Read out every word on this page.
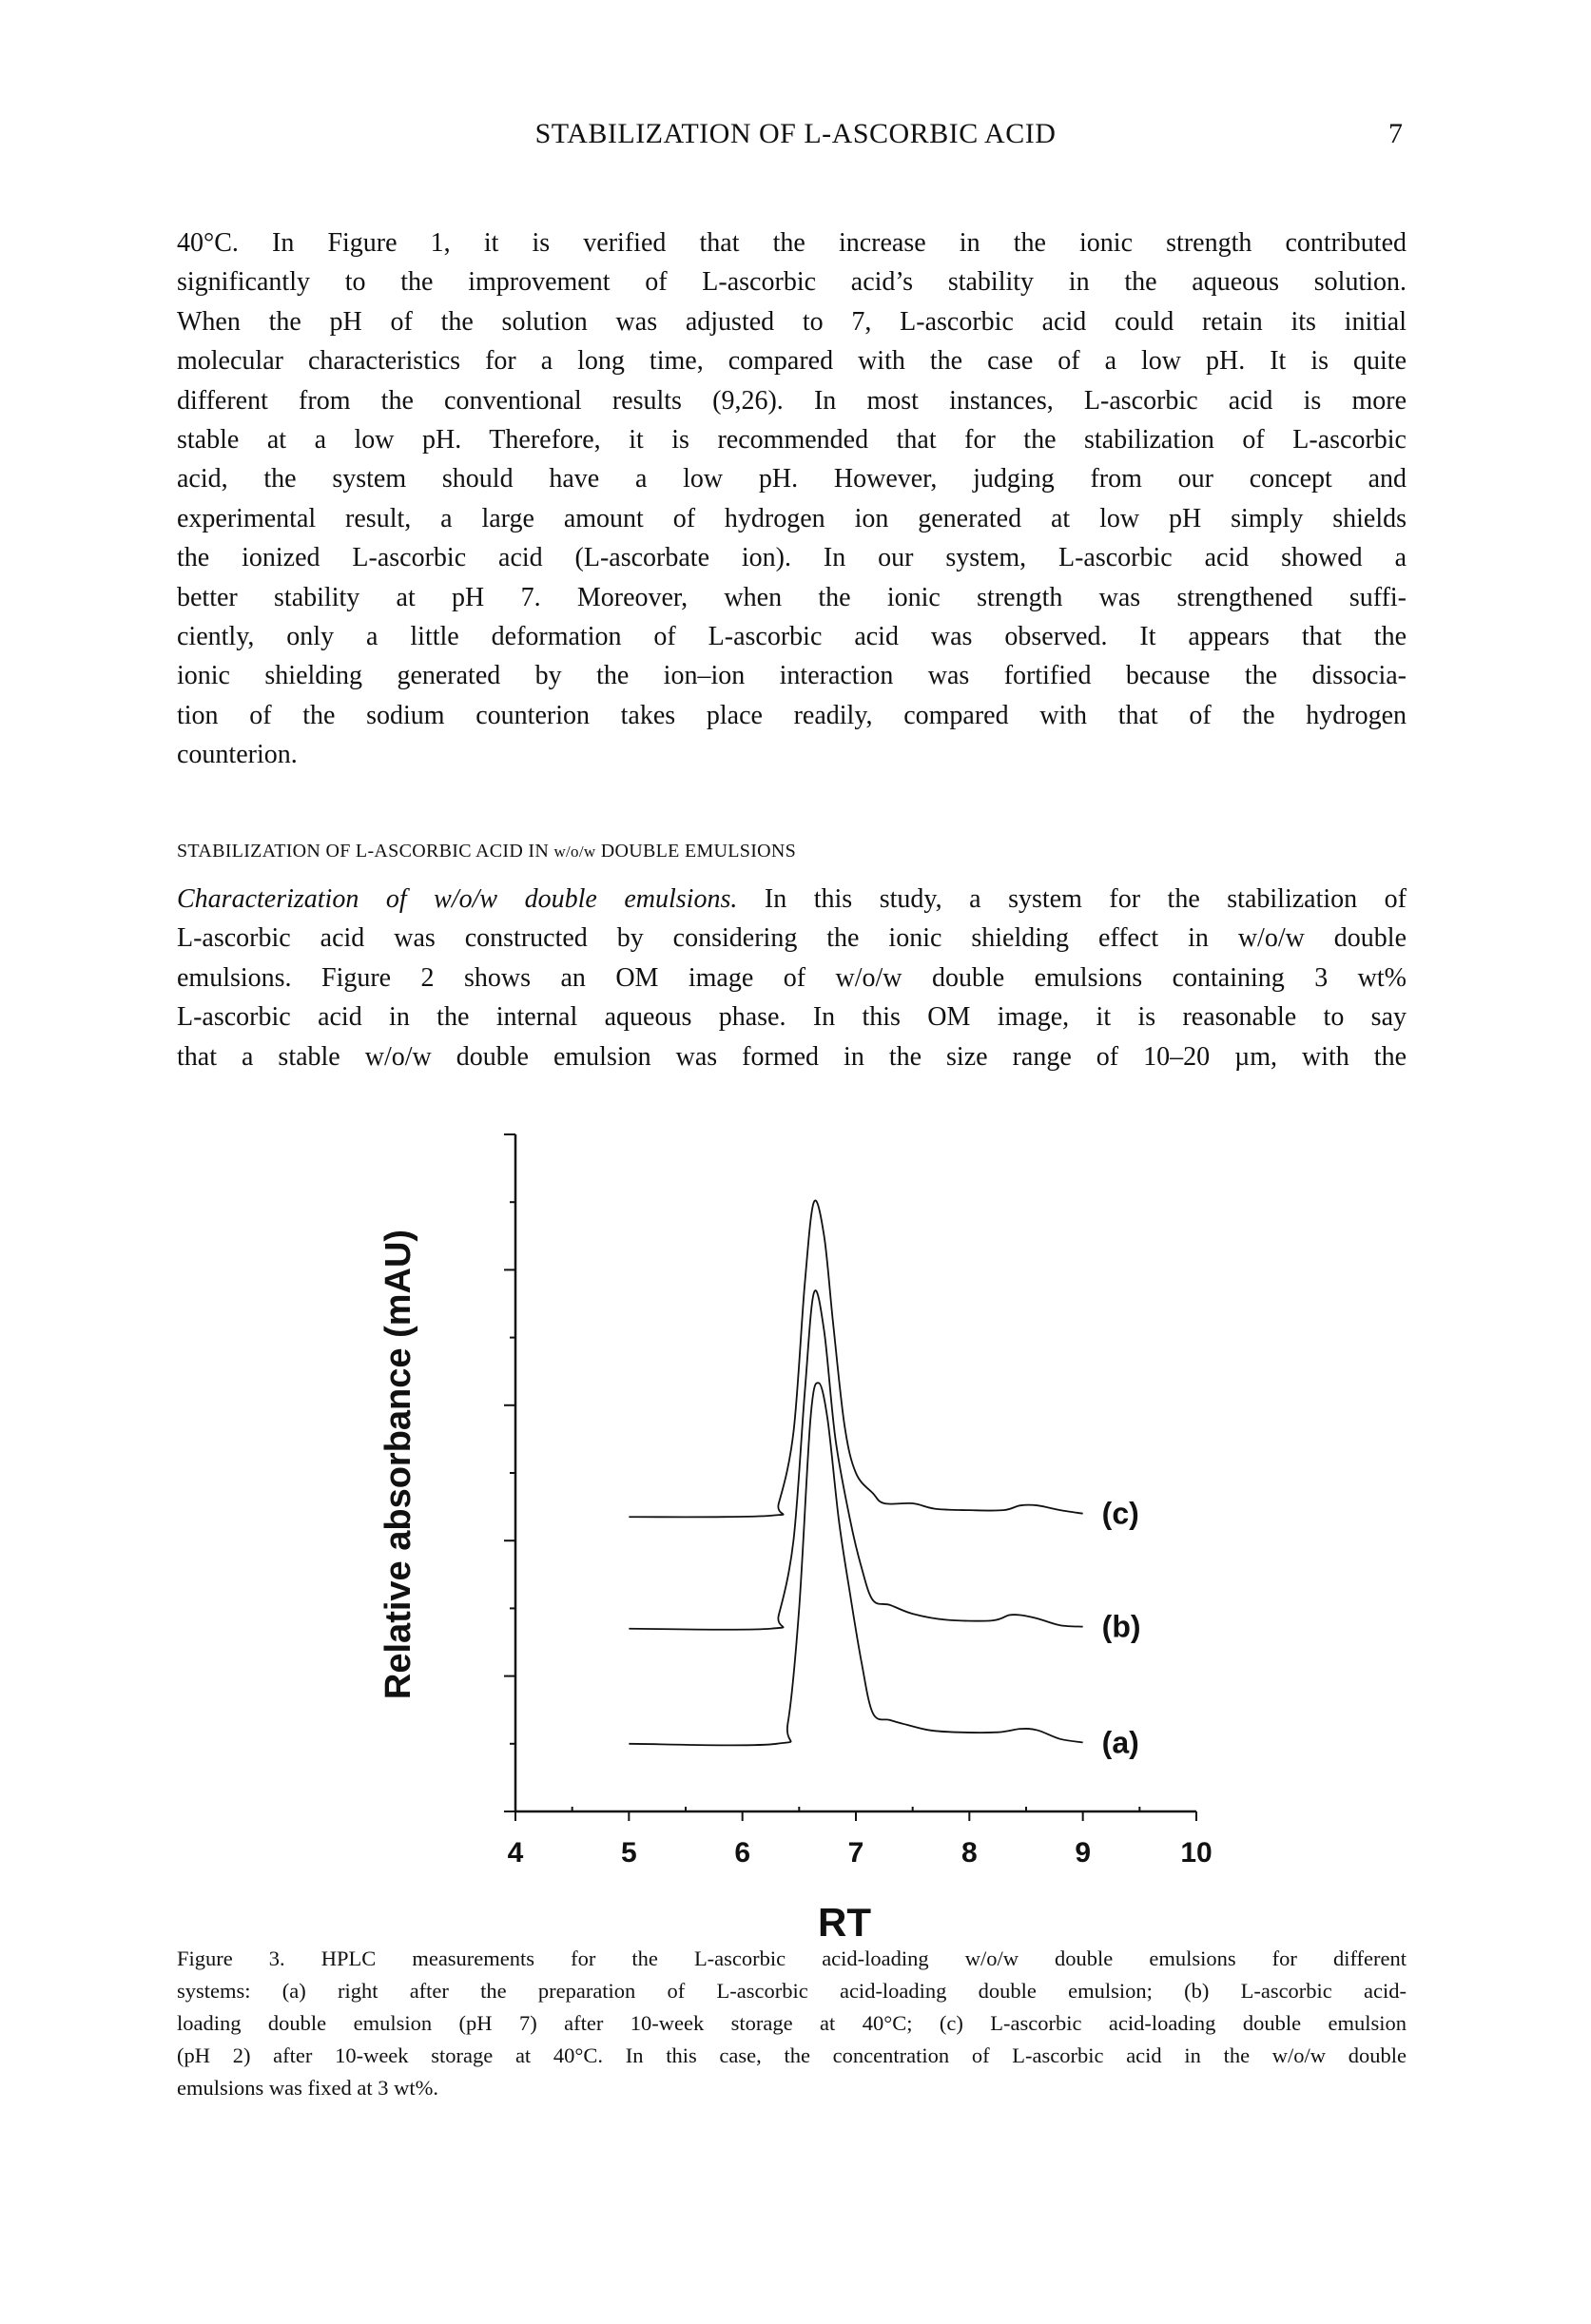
STABILIZATION OF L-ASCORBIC ACID	7
40°C. In Figure 1, it is verified that the increase in the ionic strength contributed
significantly to the improvement of L-ascorbic acid’s stability in the aqueous solution.
When the pH of the solution was adjusted to 7, L-ascorbic acid could retain its initial
molecular characteristics for a long time, compared with the case of a low pH. It is quite
different from the conventional results (9,26). In most instances, L-ascorbic acid is more
stable at a low pH. Therefore, it is recommended that for the stabilization of L-ascorbic
acid, the system should have a low pH. However, judging from our concept and
experimental result, a large amount of hydrogen ion generated at low pH simply shields
the ionized L-ascorbic acid (L-ascorbate ion). In our system, L-ascorbic acid showed a
better stability at pH 7. Moreover, when the ionic strength was strengthened suffi-
ciently, only a little deformation of L-ascorbic acid was observed. It appears that the
ionic shielding generated by the ion–ion interaction was fortified because the dissocia-
tion of the sodium counterion takes place readily, compared with that of the hydrogen
counterion.
STABILIZATION OF L-ASCORBIC ACID IN w/o/w DOUBLE EMULSIONS
Characterization of w/o/w double emulsions. In this study, a system for the stabilization of
L-ascorbic acid was constructed by considering the ionic shielding effect in w/o/w double
emulsions. Figure 2 shows an OM image of w/o/w double emulsions containing 3 wt%
L-ascorbic acid in the internal aqueous phase. In this OM image, it is reasonable to say
that a stable w/o/w double emulsion was formed in the size range of 10–20 µm, with the
4	5	6	7	8	9	10
(a)
(b)
(c)
RT
Relative absorbance (mAU)
Figure 3. HPLC measurements for the L-ascorbic acid-loading w/o/w double emulsions for different
systems: (a) right after the preparation of L-ascorbic acid-loading double emulsion; (b) L-ascorbic acid-
loading double emulsion (pH 7) after 10-week storage at 40°C; (c) L-ascorbic acid-loading double emulsion
(pH 2) after 10-week storage at 40°C. In this case, the concentration of L-ascorbic acid in the w/o/w double
emulsions was fixed at 3 wt%.
